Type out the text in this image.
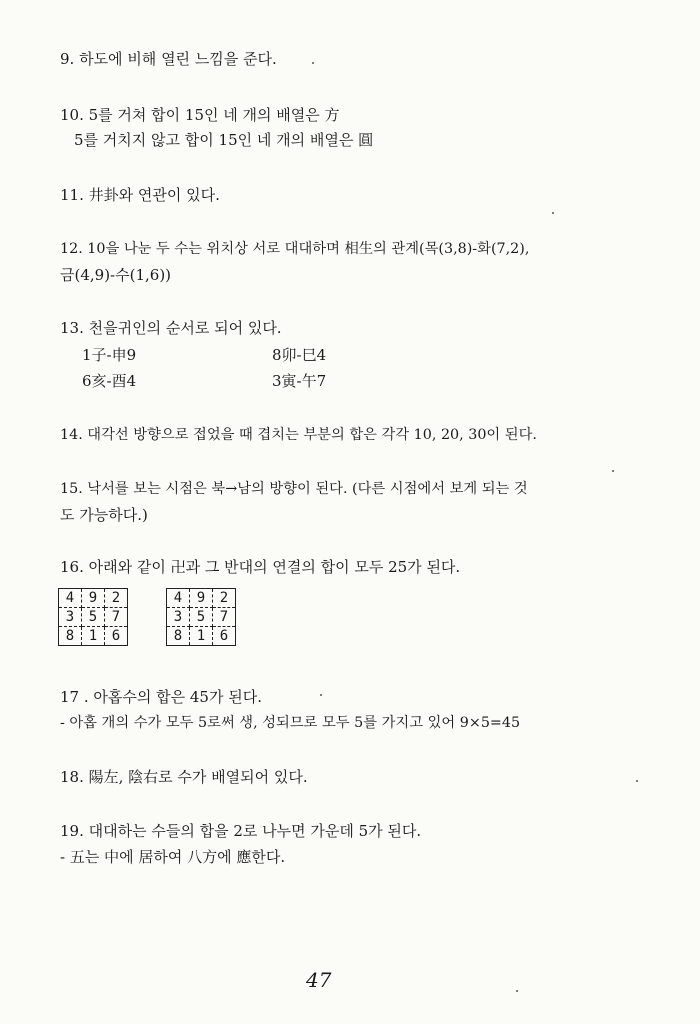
9. 하도에 비해 열린 느낌을 준다.
10. 5를 거쳐 합이 15인 네 개의 배열은 方
5를 거치지 않고 합이 15인 네 개의 배열은 圓
11. 井卦와 연관이 있다.
12. 10을 나눈 두 수는 위치상 서로 대대하며 相生의 관계(목(3,8)-화(7,2),
금(4,9)-수(1,6))
13. 천을귀인의 순서로 되어 있다.
1子-申9	8卯-巳4
6亥-酉4	3寅-午7
14. 대각선 방향으로 접었을 때 겹치는 부분의 합은 각각 10, 20, 30이 된다.
15. 낙서를 보는 시점은 북→남의 방향이 된다. (다른 시점에서 보게 되는 것
도 가능하다.)
16. 아래와 같이 卍과 그 반대의 연결의 합이 모두 25가 된다.
4	9	2
3	5	7
8	1	6
4	9	2
3	5	7
8	1	6
17 . 아홉수의 합은 45가 된다.
- 아홉 개의 수가 모두 5로써 생, 성되므로 모두 5를 가지고 있어 9×5=45
18. 陽左, 陰右로 수가 배열되어 있다.
19. 대대하는 수들의 합을 2로 나누면 가운데 5가 된다.
- 五는 中에 居하여 八方에 應한다.
47
